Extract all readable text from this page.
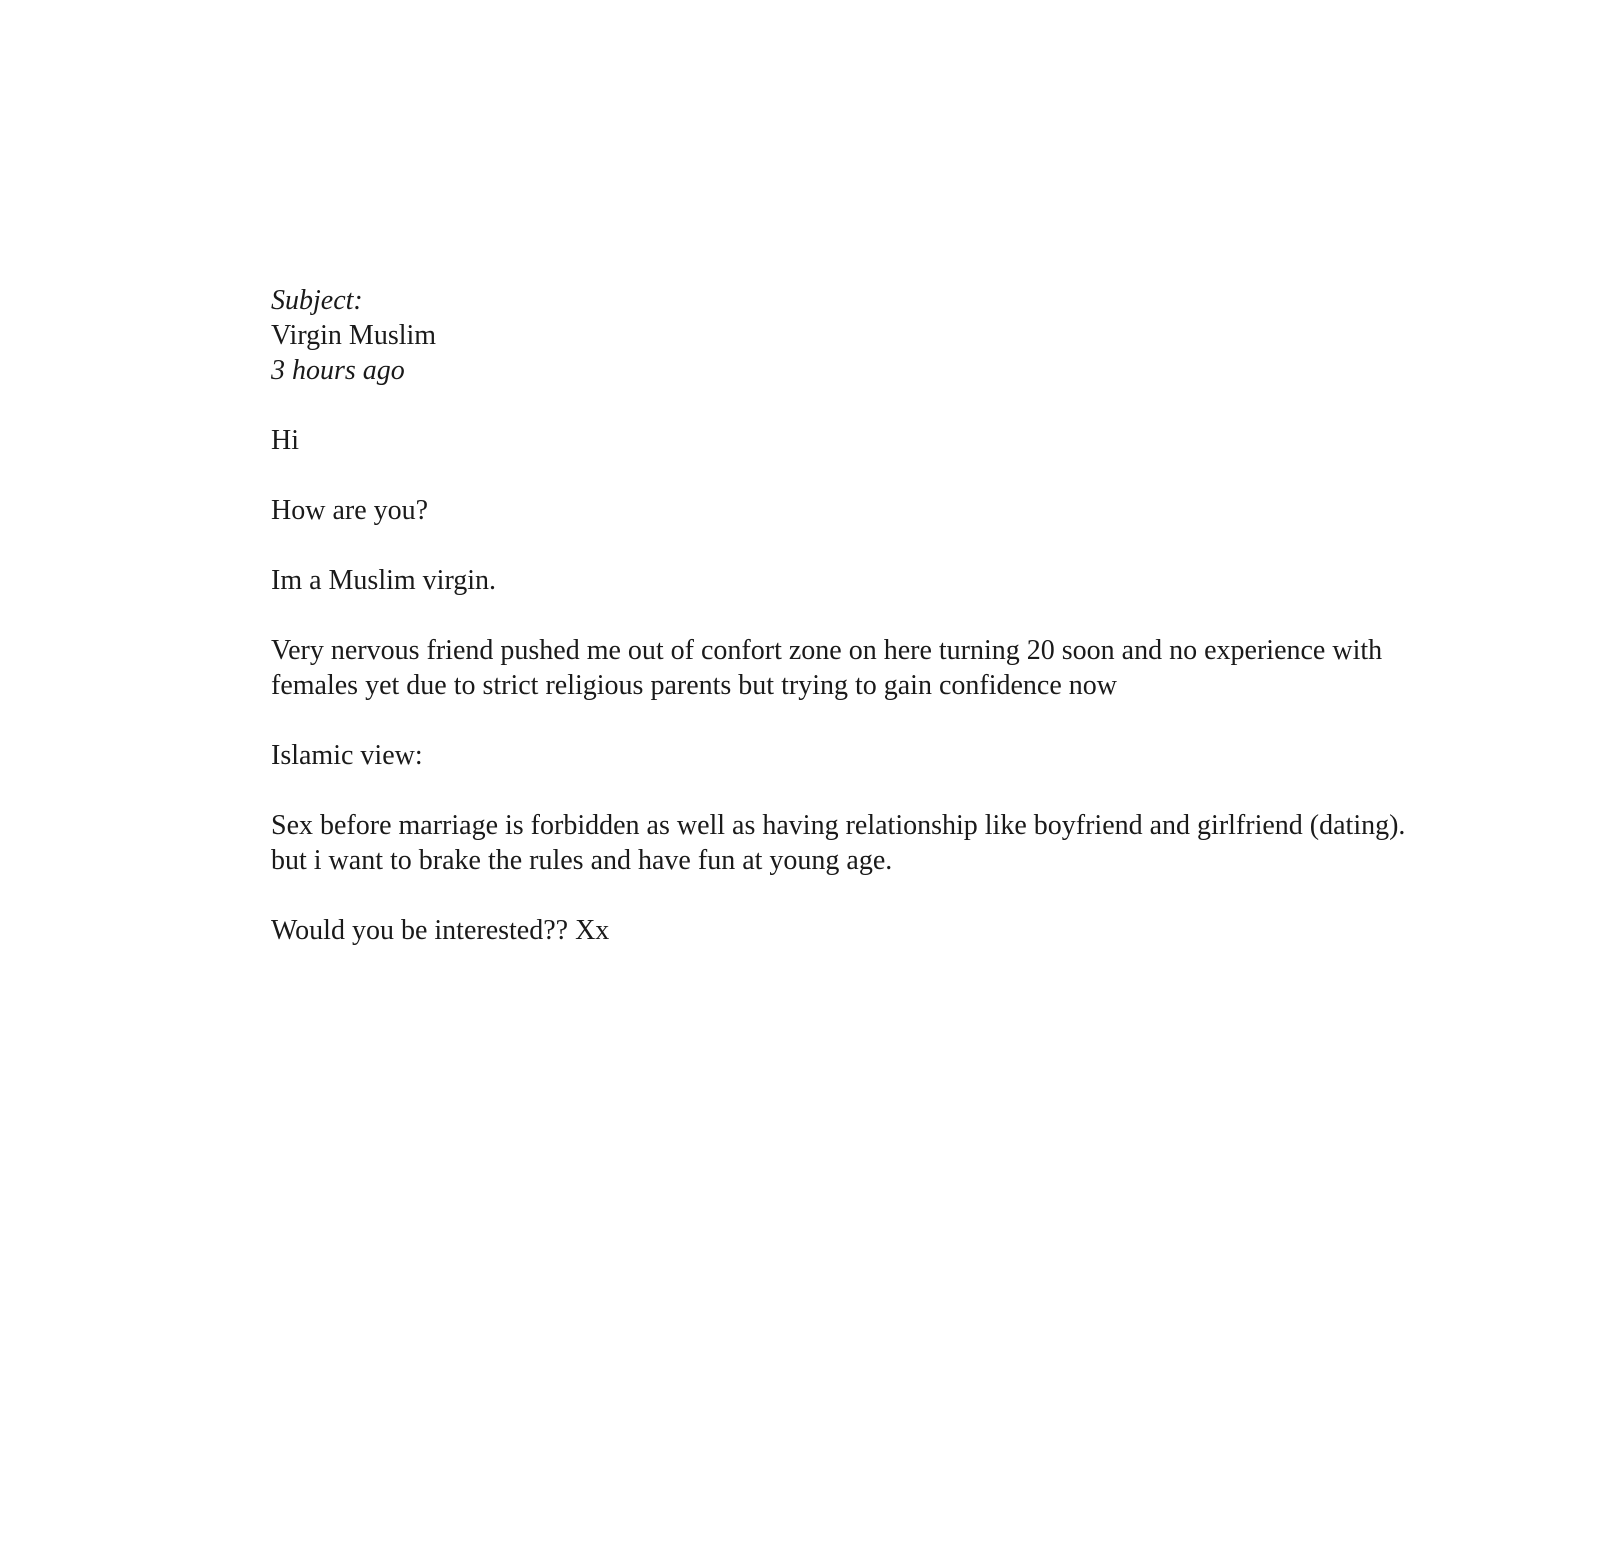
Subject:

Virgin Muslim

3 hours ago

Hi

How are you?

Im a Muslim virgin.

Very nervous friend pushed me out of confort zone on here turning 20 soon and no experience with females yet due to strict religious parents but trying to gain confidence now

Islamic view:

Sex before marriage is forbidden as well as having relationship like boyfriend and girlfriend (dating). but i want to brake the rules and have fun at young age.

Would you be interested?? Xx
